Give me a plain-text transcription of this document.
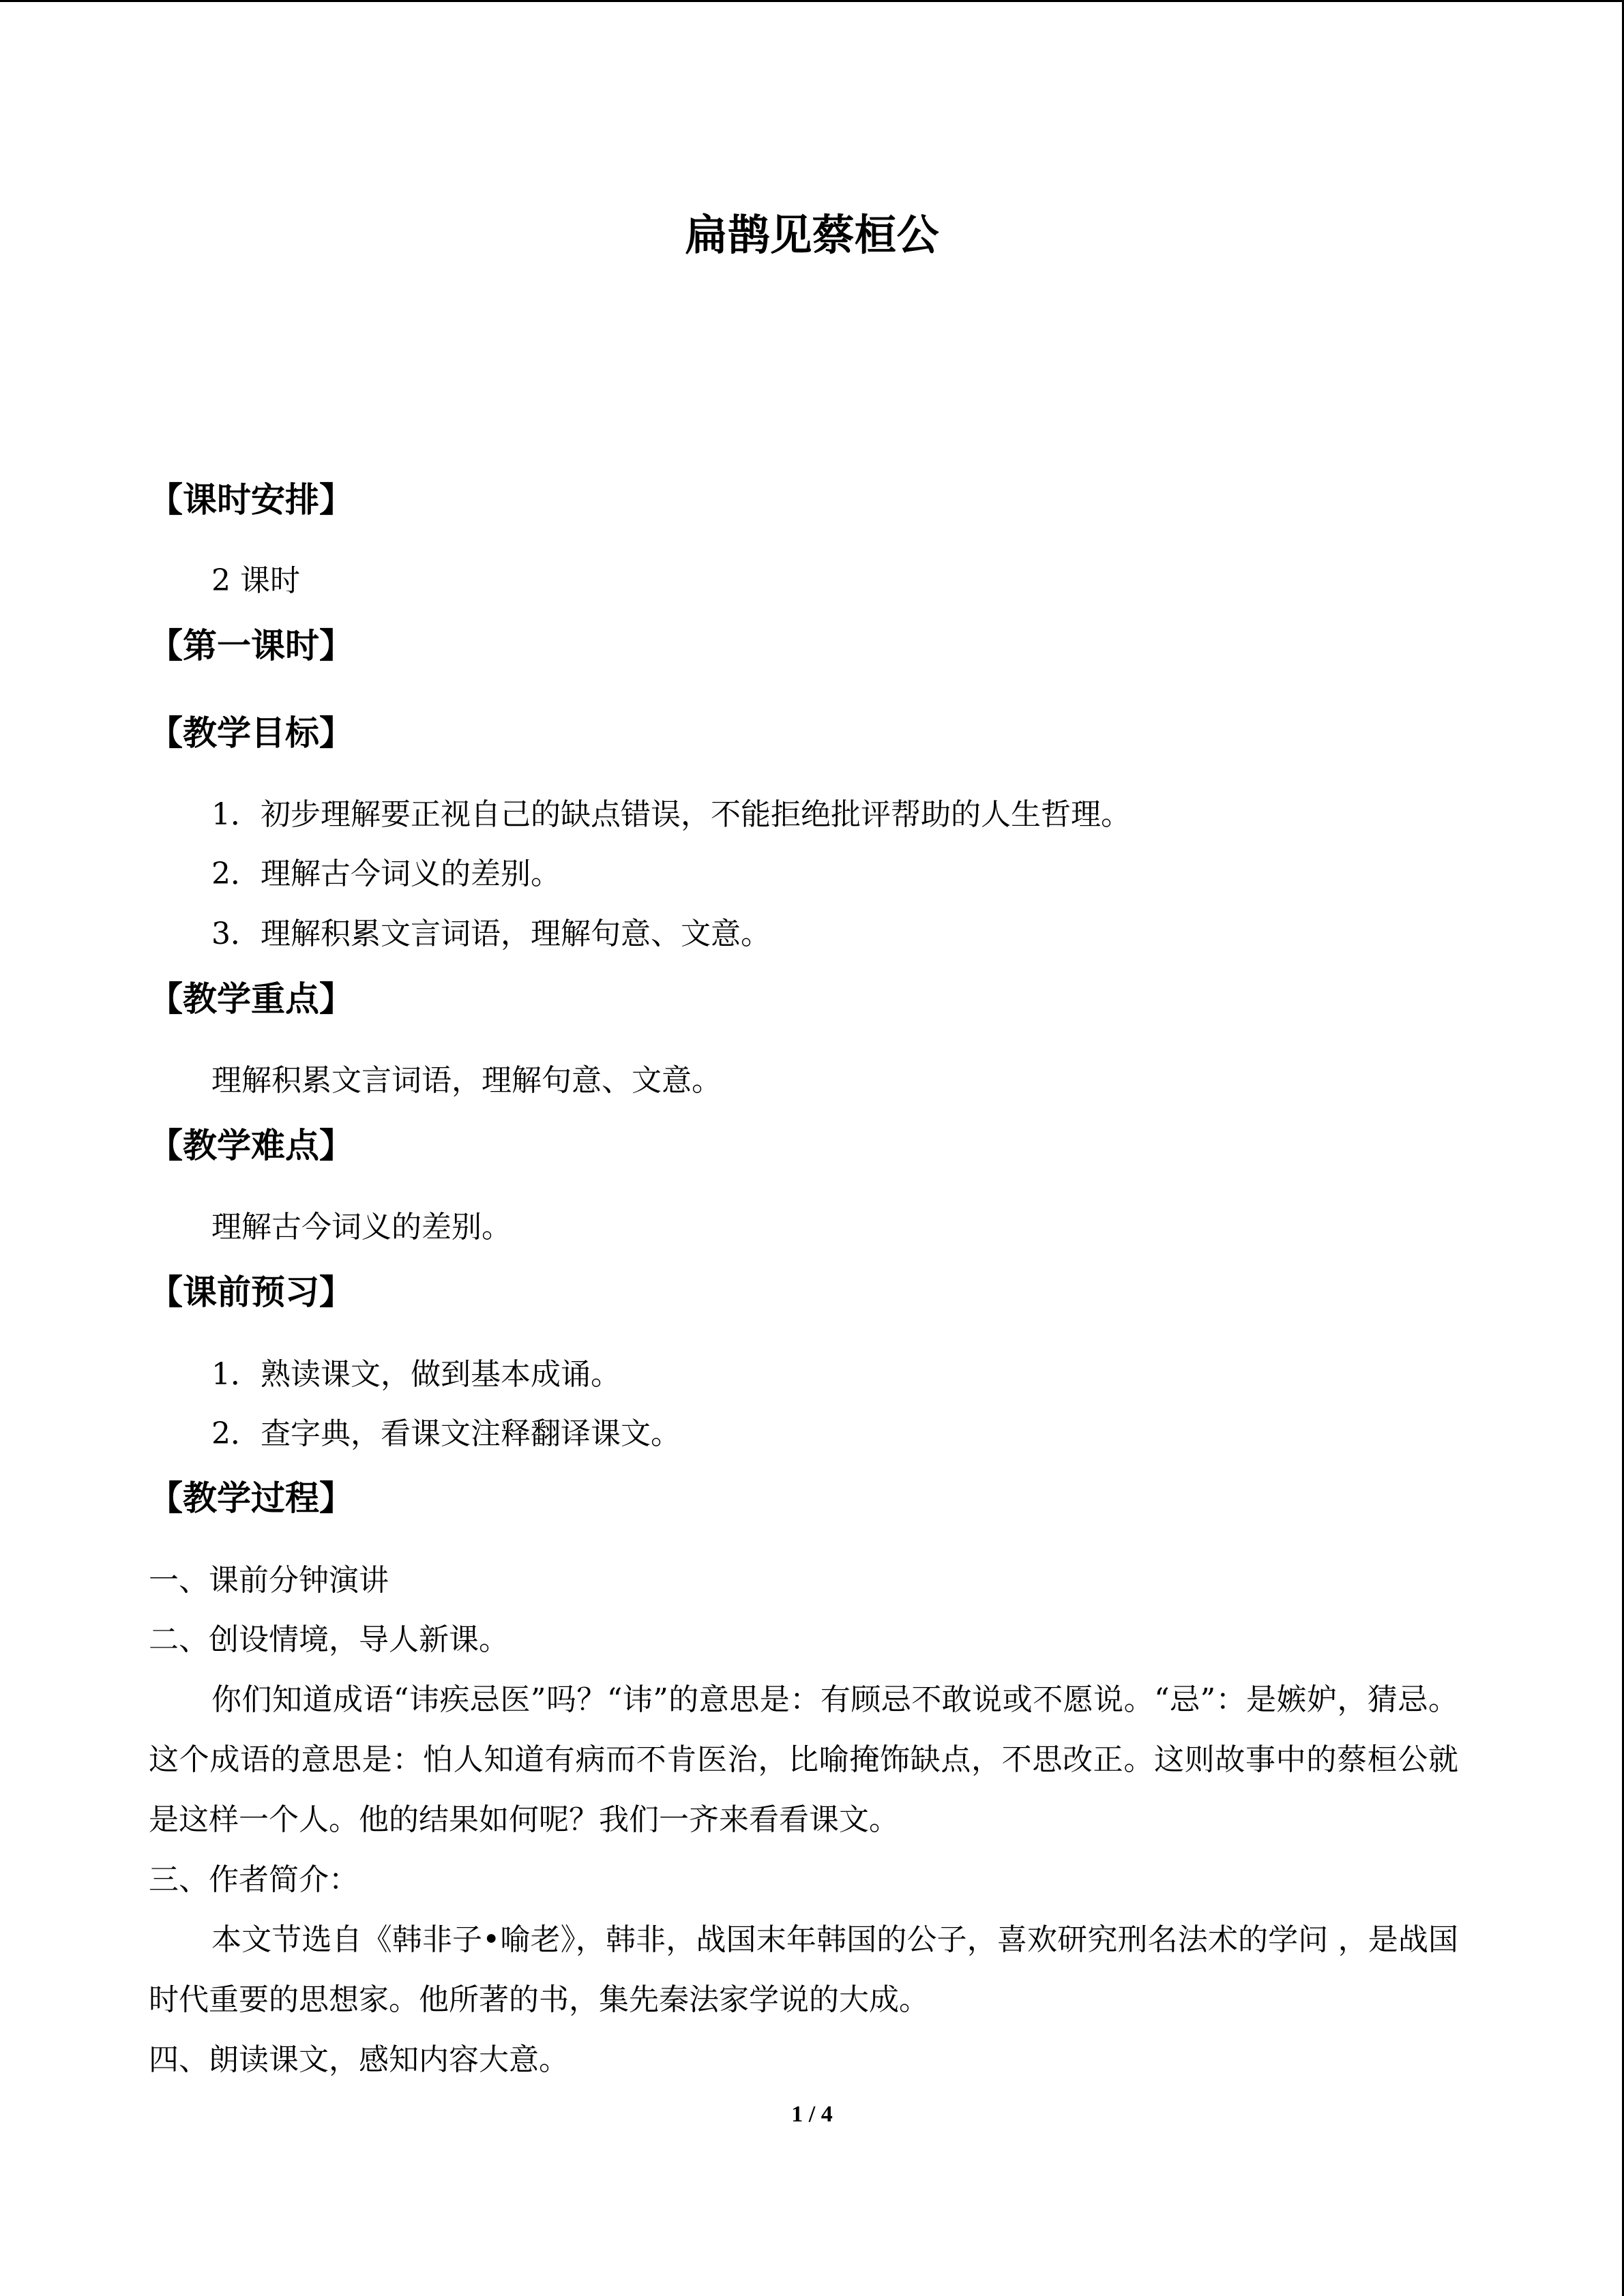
扁鹊见蔡桓公
【课时安排】
2 课时
【第一课时】
【教学目标】
1．初步理解要正视自己的缺点错误，不能拒绝批评帮助的人生哲理。
2．理解古今词义的差别。
3．理解积累文言词语，理解句意、文意。
【教学重点】
理解积累文言词语，理解句意、文意。
【教学难点】
理解古今词义的差别。
【课前预习】
1．熟读课文，做到基本成诵。
2．查字典，看课文注释翻译课文。
【教学过程】
一、课前分钟演讲
二、创设情境，导人新课。
你们知道成语“讳疾忌医”吗？“讳”的意思是：有顾忌不敢说或不愿说。“忌”：是嫉妒，猜忌。这个成语的意思是：怕人知道有病而不肯医治，比喻掩饰缺点，不思改正。这则故事中的蔡桓公就是这样一个人。他的结果如何呢？我们一齐来看看课文。
三、作者简介：
本文节选自《韩非子•喻老》，韩非，战国末年韩国的公子，喜欢研究刑名法术的学问 ，是战国时代重要的思想家。他所著的书，集先秦法家学说的大成。
四、朗读课文，感知内容大意。
1 / 4
